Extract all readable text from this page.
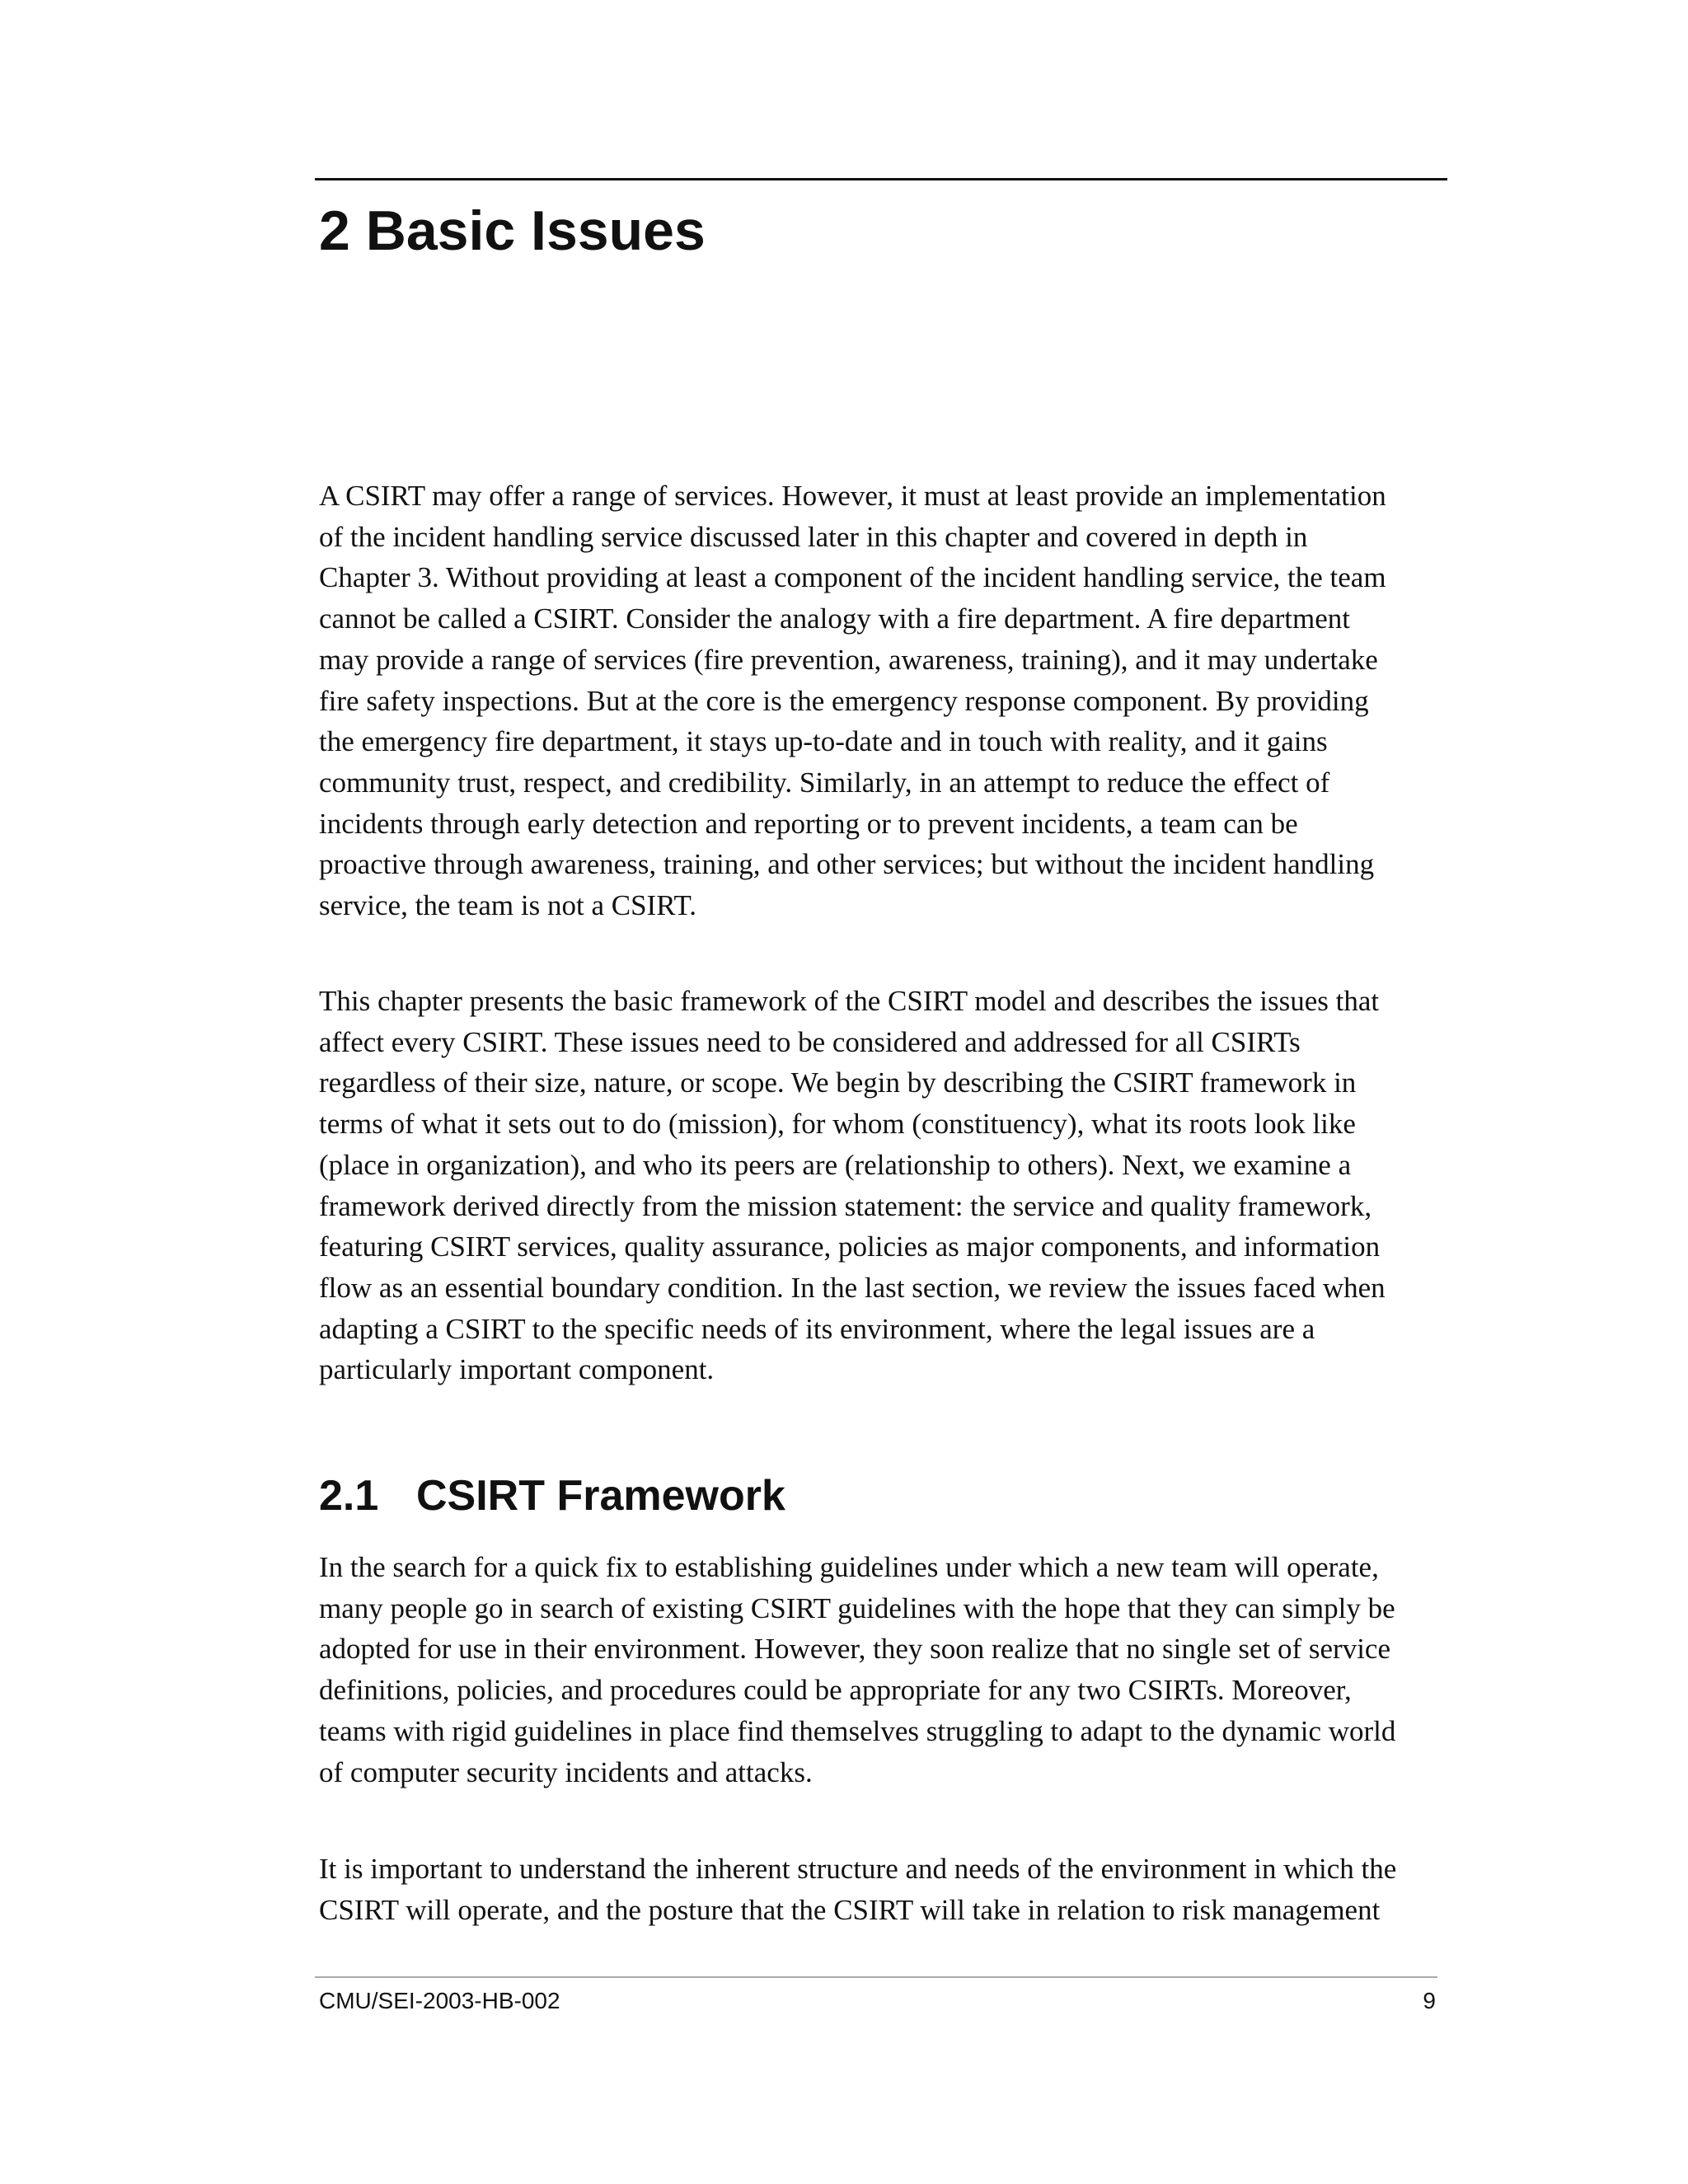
2 Basic Issues
A CSIRT may offer a range of services. However, it must at least provide an implementation
of the incident handling service discussed later in this chapter and covered in depth in
Chapter 3. Without providing at least a component of the incident handling service, the team
cannot be called a CSIRT. Consider the analogy with a fire department. A fire department
may provide a range of services (fire prevention, awareness, training), and it may undertake
fire safety inspections. But at the core is the emergency response component. By providing
the emergency fire department, it stays up-to-date and in touch with reality, and it gains
community trust, respect, and credibility. Similarly, in an attempt to reduce the effect of
incidents through early detection and reporting or to prevent incidents, a team can be
proactive through awareness, training, and other services; but without the incident handling
service, the team is not a CSIRT.
This chapter presents the basic framework of the CSIRT model and describes the issues that
affect every CSIRT. These issues need to be considered and addressed for all CSIRTs
regardless of their size, nature, or scope. We begin by describing the CSIRT framework in
terms of what it sets out to do (mission), for whom (constituency), what its roots look like
(place in organization), and who its peers are (relationship to others). Next, we examine a
framework derived directly from the mission statement: the service and quality framework,
featuring CSIRT services, quality assurance, policies as major components, and information
flow as an essential boundary condition. In the last section, we review the issues faced when
adapting a CSIRT to the specific needs of its environment, where the legal issues are a
particularly important component.
2.1 CSIRT Framework
In the search for a quick fix to establishing guidelines under which a new team will operate,
many people go in search of existing CSIRT guidelines with the hope that they can simply be
adopted for use in their environment. However, they soon realize that no single set of service
definitions, policies, and procedures could be appropriate for any two CSIRTs. Moreover,
teams with rigid guidelines in place find themselves struggling to adapt to the dynamic world
of computer security incidents and attacks.
It is important to understand the inherent structure and needs of the environment in which the
CSIRT will operate, and the posture that the CSIRT will take in relation to risk management
CMU/SEI-2003-HB-002	9
